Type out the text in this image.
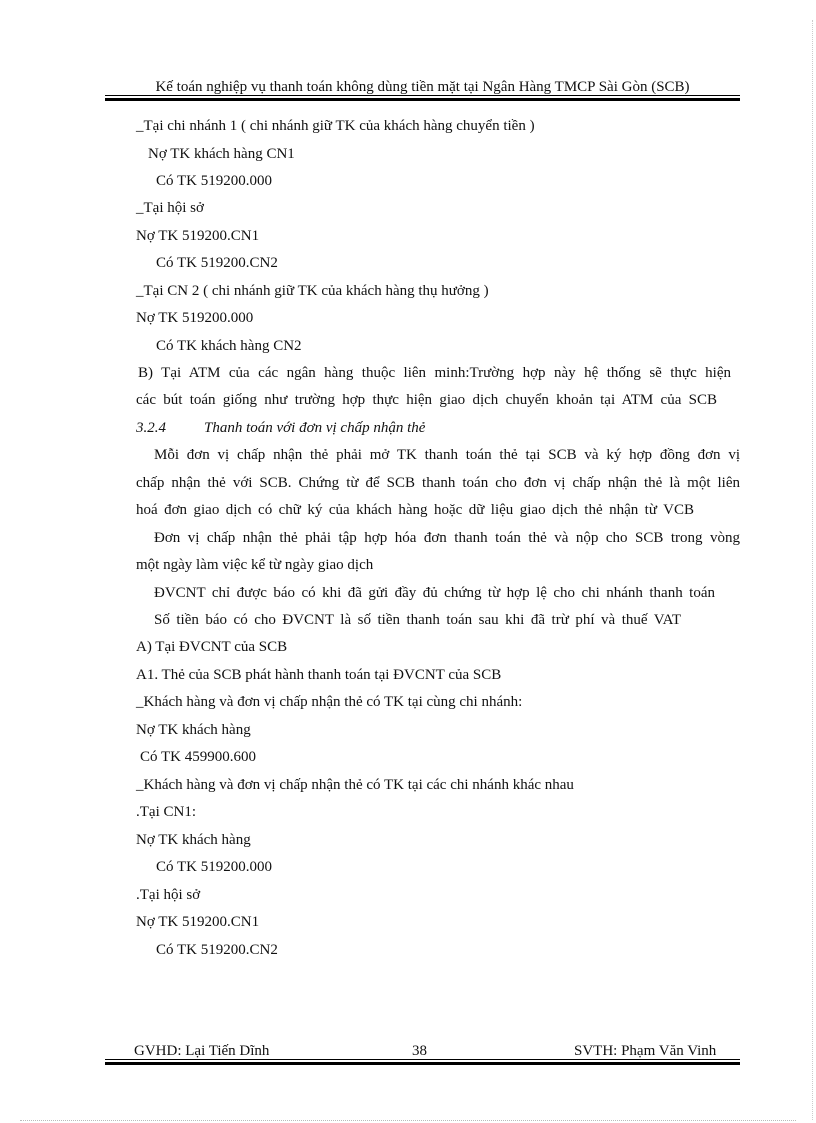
Kế toán nghiệp vụ thanh toán không dùng tiền mặt tại Ngân Hàng TMCP Sài Gòn (SCB)
_Tại chi nhánh 1 ( chi nhánh giữ TK của khách hàng chuyển tiền )
Nợ TK khách hàng CN1
Có TK 519200.000
_Tại hội sở
Nợ TK 519200.CN1
Có TK 519200.CN2
_Tại CN 2 ( chi nhánh giữ TK của khách hàng thụ hưởng )
Nợ TK 519200.000
Có TK khách hàng CN2
B) Tại ATM của các ngân hàng thuộc liên minh:Trường hợp này hệ thống sẽ thực hiện
các bút toán giống như trường hợp thực hiện giao dịch chuyển khoản tại ATM của SCB
3.2.4	Thanh toán với đơn vị chấp nhận thẻ
Mỗi đơn vị chấp nhận thẻ phải mở TK thanh toán thẻ tại SCB và ký hợp đồng đơn vị
chấp nhận thẻ với SCB. Chứng từ để SCB thanh toán cho đơn vị chấp nhận thẻ là một liên
hoá đơn giao dịch có chữ ký của khách hàng hoặc dữ liệu giao dịch thẻ nhận từ VCB
Đơn vị chấp nhận thẻ phải tập hợp hóa đơn thanh toán thẻ và nộp cho SCB trong vòng
một ngày làm việc kể từ ngày giao dịch
ĐVCNT chỉ được báo có khi đã gửi đầy đủ chứng từ hợp lệ cho chi nhánh thanh toán
Số tiền báo có cho ĐVCNT là số tiền thanh toán sau khi đã trừ phí và thuế VAT
A) Tại ĐVCNT của SCB
A1. Thẻ của SCB phát hành thanh toán tại ĐVCNT của SCB
_Khách hàng và đơn vị chấp nhận thẻ có TK tại cùng chi nhánh:
Nợ TK khách hàng
Có TK 459900.600
_Khách hàng và đơn vị chấp nhận thẻ có TK tại các chi nhánh khác nhau
.Tại CN1:
Nợ TK khách hàng
Có TK 519200.000
.Tại hội sở
Nợ TK 519200.CN1
Có TK 519200.CN2
GVHD: Lại Tiến Dĩnh	38	SVTH: Phạm Văn Vinh
